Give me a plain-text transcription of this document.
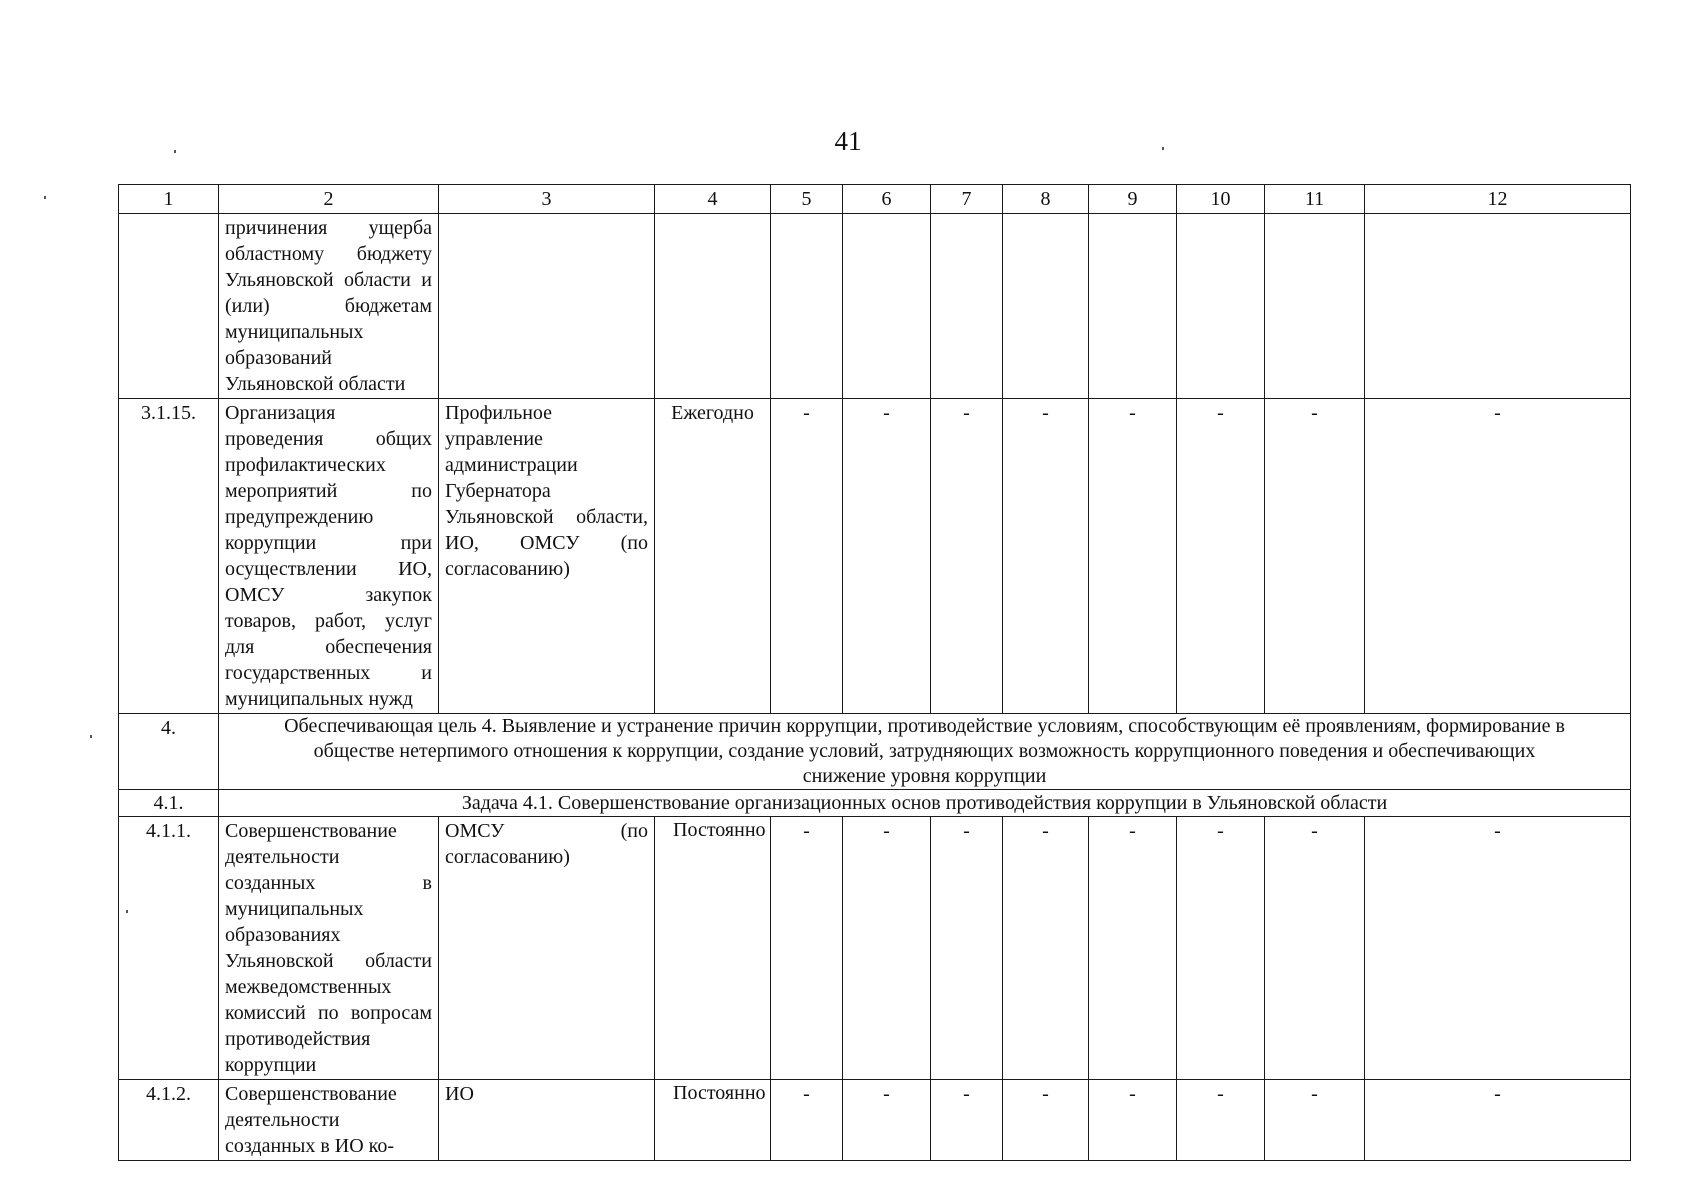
41
1	2	3	4	5	6	7	8	9	10	11	12
	причинения ущерба областному бюджету Ульяновской области и (или) бюджетам муниципальных образований Ульяновской области										
3.1.15.	Организация проведения общих профилактических мероприятий по предупреждению коррупции при осуществлении ИО, ОМСУ закупок товаров, работ, услуг для обеспечения государственных и муниципальных нужд	Профильное управление администрации Губернатора Ульяновской области, ИО, ОМСУ (по согласованию)	Ежегодно	-	-	-	-	-	-	-	-
4.	Обеспечивающая цель 4. Выявление и устранение причин коррупции, противодействие условиям, способствующим её проявлениям, формирование в обществе нетерпимого отношения к коррупции, создание условий, затрудняющих возможность коррупционного поведения и обеспечивающих снижение уровня коррупции										
4.1.	Задача 4.1. Совершенствование организационных основ противодействия коррупции в Ульяновской области										
4.1.1.	Совершенствование деятельности созданных в муниципальных образованиях Ульяновской области межведомственных комиссий по вопросам противодействия коррупции	ОМСУ (по согласованию)	Постоянно	-	-	-	-	-	-	-	-
4.1.2.	Совершенствование деятельности созданных в ИО ко-	ИО	Постоянно	-	-	-	-	-	-	-	-
